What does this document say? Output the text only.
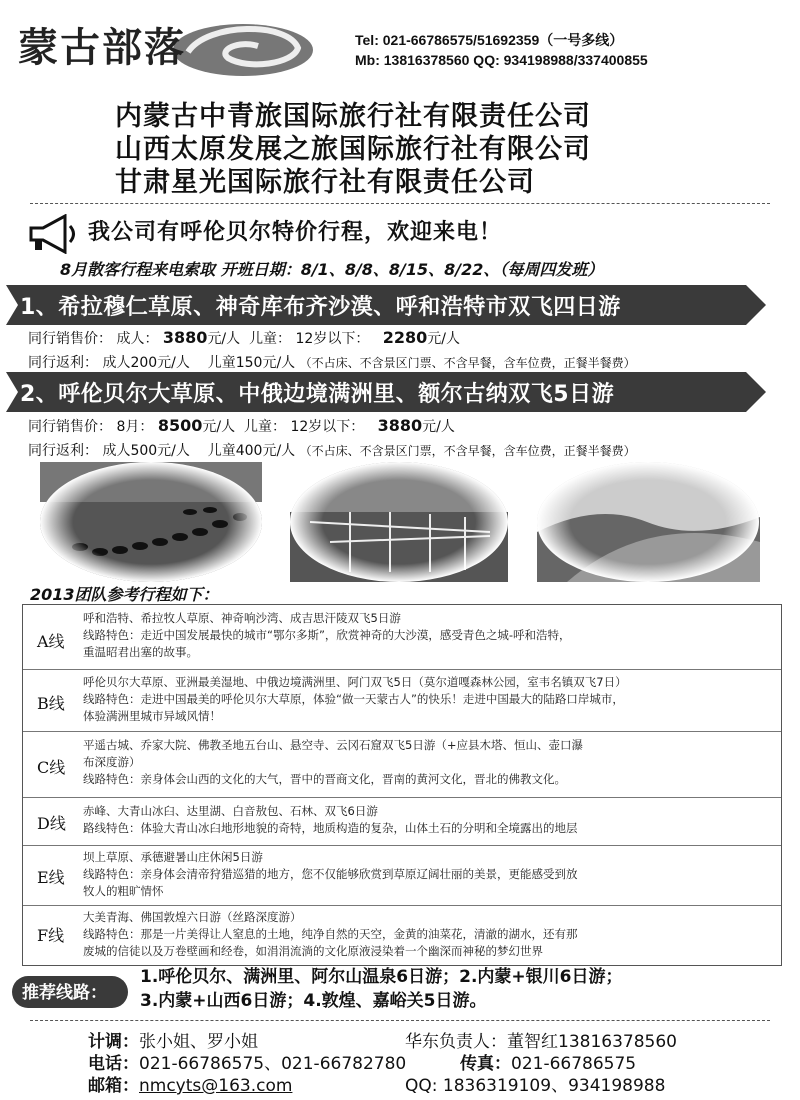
蒙古部落	Tel: 021-66786575/51692359（一号多线）
Mb: 13816378560 QQ: 934198988/337400855
内蒙古中青旅国际旅行社有限责任公司
山西太原发展之旅国际旅行社有限公司
甘肃星光国际旅行社有限责任公司
我公司有呼伦贝尔特价行程，欢迎来电！
8月散客行程来电索取 开班日期：8/1、8/8、8/15、8/22、（每周四发班）
1、希拉穆仁草原、神奇库布齐沙漠、呼和浩特市双飞四日游
同行销售价： 成人： 3880元/人 儿童： 12岁以下： 2280元/人
同行返利： 成人200元/人 儿童150元/人 （不占床、不含景区门票、不含早餐，含车位费，正餐半餐费）
2、呼伦贝尔大草原、中俄边境满洲里、额尔古纳双飞5日游
同行销售价： 8月： 8500元/人 儿童： 12岁以下： 3880元/人
同行返利： 成人500元/人 儿童400元/人 （不占床、不含景区门票，不含早餐，含车位费，正餐半餐费）
2013团队参考行程如下：
A线
呼和浩特、希拉牧人草原、神奇响沙湾、成吉思汗陵双飞5日游
线路特色：走近中国发展最快的城市“鄂尔多斯”，欣赏神奇的大沙漠，感受青色之城-呼和浩特，
重温昭君出塞的故事。
B线
呼伦贝尔大草原、亚洲最美湿地、中俄边境满洲里、阿门双飞5日（莫尔道嘎森林公园，室韦名镇双飞7日）
线路特色：走进中国最美的呼伦贝尔大草原，体验“做一天蒙古人”的快乐！走进中国最大的陆路口岸城市，
体验满洲里城市异域风情！
C线
平遥古城、乔家大院、佛教圣地五台山、悬空寺、云冈石窟双飞5日游（+应县木塔、恒山、壶口瀑
布深度游）
线路特色：亲身体会山西的文化的大气，晋中的晋商文化，晋南的黄河文化，晋北的佛教文化。
D线
赤峰、大青山冰臼、达里湖、白音敖包、石林、双飞6日游
路线特色：体验大青山冰臼地形地貌的奇特，地质构造的复杂，山体土石的分明和全境露出的地层
E线
坝上草原、承德避暑山庄休闲5日游
线路特色：亲身体会清帝狩猎巡猎的地方，您不仅能够欣赏到草原辽阔壮丽的美景，更能感受到放
牧人的粗旷情怀
F线
大美青海、佛国敦煌六日游（丝路深度游）
线路特色：那是一片美得让人窒息的土地，纯净自然的天空，金黄的油菜花，清澈的湖水，还有那
废城的信徒以及万卷壁画和经卷，如涓涓流淌的文化原液浸染着一个幽深而神秘的梦幻世界
推荐线路：
1.呼伦贝尔、满洲里、阿尔山温泉6日游；2.内蒙+银川6日游；
3.内蒙+山西6日游；4.敦煌、嘉峪关5日游。
计调：张小姐、罗小姐	华东负责人：董智红13816378560
电话：021-66786575、021-66782780	传真：021-66786575
邮箱：nmcyts@163.com	QQ: 1836319109、934198988
